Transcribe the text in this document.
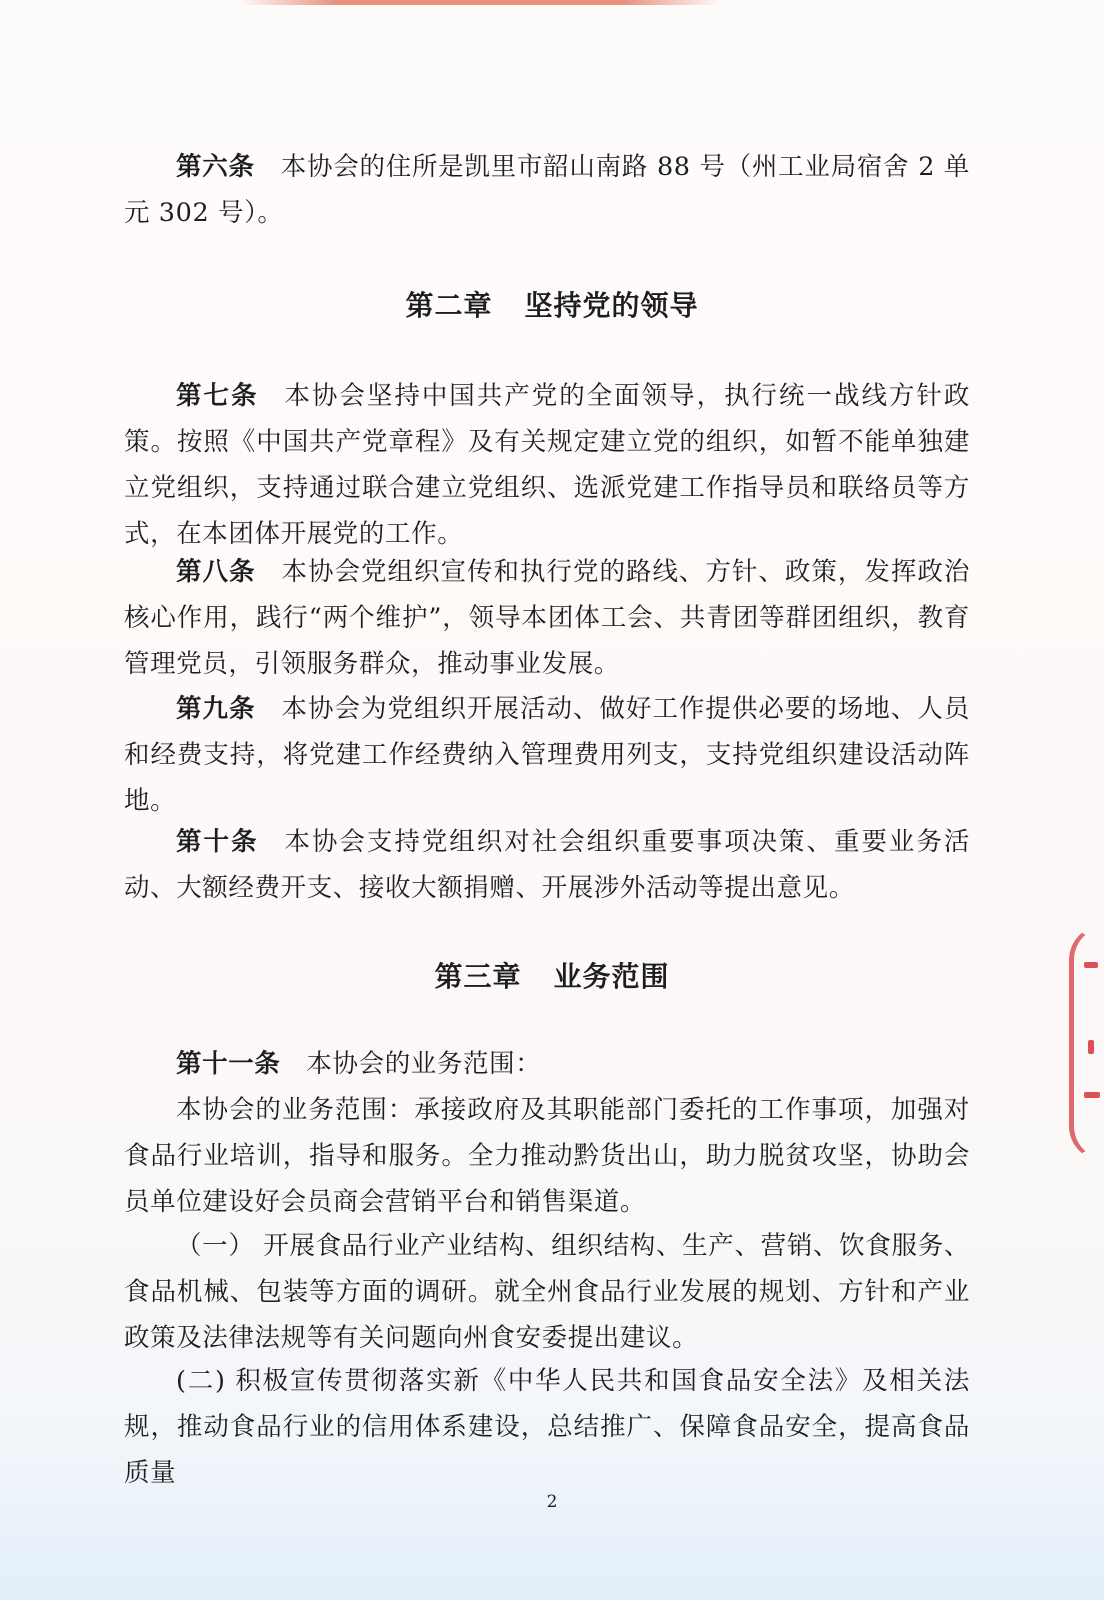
第六条 本协会的住所是凯里市韶山南路 88 号（州工业局宿舍 2 单元 302 号）。

第二章 坚持党的领导

第七条 本协会坚持中国共产党的全面领导，执行统一战线方针政策。按照《中国共产党章程》及有关规定建立党的组织，如暂不能单独建立党组织，支持通过联合建立党组织、选派党建工作指导员和联络员等方式，在本团体开展党的工作。

第八条 本协会党组织宣传和执行党的路线、方针、政策，发挥政治核心作用，践行“两个维护”，领导本团体工会、共青团等群团组织，教育管理党员，引领服务群众，推动事业发展。

第九条 本协会为党组织开展活动、做好工作提供必要的场地、人员和经费支持，将党建工作经费纳入管理费用列支，支持党组织建设活动阵地。

第十条 本协会支持党组织对社会组织重要事项决策、重要业务活动、大额经费开支、接收大额捐赠、开展涉外活动等提出意见。

第三章 业务范围

第十一条 本协会的业务范围：

本协会的业务范围：承接政府及其职能部门委托的工作事项，加强对食品行业培训，指导和服务。全力推动黔货出山，助力脱贫攻坚，协助会员单位建设好会员商会营销平台和销售渠道。

（一） 开展食品行业产业结构、组织结构、生产、营销、饮食服务、食品机械、包装等方面的调研。就全州食品行业发展的规划、方针和产业政策及法律法规等有关问题向州食安委提出建议。

(二) 积极宣传贯彻落实新《中华人民共和国食品安全法》及相关法规，推动食品行业的信用体系建设，总结推广、保障食品安全，提高食品质量

2
